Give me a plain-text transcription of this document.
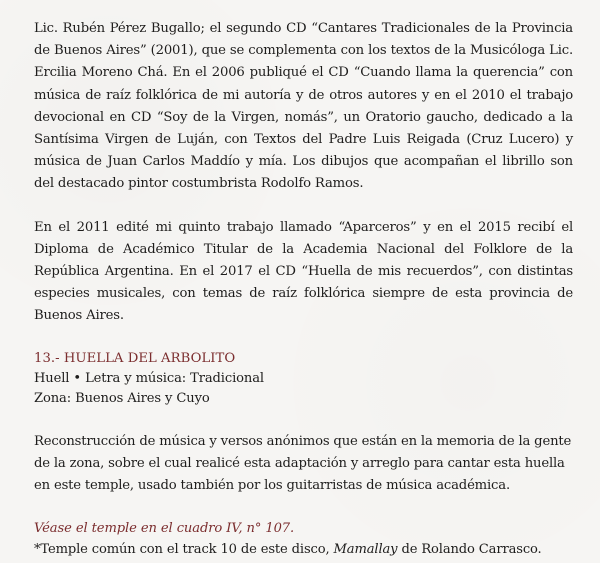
Lic. Rubén Pérez Bugallo; el segundo CD “Cantares Tradicionales de la Provincia de Buenos Aires” (2001), que se complementa con los textos de la Musicóloga Lic. Ercilia Moreno Chá. En el 2006 publiqué el CD “Cuando llama la querencia” con música de raíz folklórica de mi autoría y de otros autores y en el 2010 el trabajo devocional en CD “Soy de la Virgen, nomás”, un Oratorio gaucho, dedicado a la Santísima Virgen de Luján, con Textos del Padre Luis Reigada (Cruz Lucero) y música de Juan Carlos Maddío y mía. Los dibujos que acompañan el librillo son del destacado pintor costumbrista Rodolfo Ramos.

En el 2011 edité mi quinto trabajo llamado “Aparceros” y en el 2015 recibí el Diploma de Académico Titular de la Academia Nacional del Folklore de la República Argentina. En el 2017 el CD “Huella de mis recuerdos”, con distintas especies musicales, con temas de raíz folklórica siempre de esta provincia de Buenos Aires.

13.- HUELLA DEL ARBOLITO

Huell • Letra y música: Tradicional

Zona: Buenos Aires y Cuyo

Reconstrucción de música y versos anónimos que están en la memoria de la gente de la zona, sobre el cual realicé esta adaptación y arreglo para cantar esta huella en este temple, usado también por los guitarristas de música académica.

Véase el temple en el cuadro IV, n° 107.

*Temple común con el track 10 de este disco, Mamallay de Rolando Carrasco.
